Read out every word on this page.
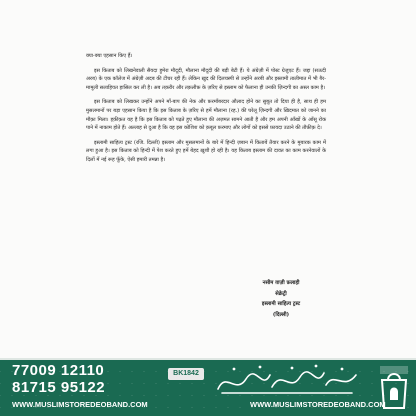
क्या-क्या एहसान किए हैं।

इस किताब को लिखनेवाली सैयदा हुमेरा मौदूदी, मौलाना मौदूदी की बड़ी बेटी हैं। ये अंग्रेज़ी में पोस्ट ग्रेजुएट हैं। जद्दा (सऊदी अरब) के एक कॉलेज में अंग्रेज़ी अदब की टीचर रही हैं। लेकिन ख़ुद की दिलचस्पी से उन्होंने अरबी और इस्लामी तालीमात में भी ग़ैर-मामूली सलाहियत हासिल कर ली है। अब तक़रीर और तक़लीफ़ के ज़रिए से इस्लाम को फैलाना ही उनकी ज़िन्दगी का अस्ल काम है।

इस किताब को लिखकर उन्होंने अपने माँ-बाप की नेक और फ़रमाँबरदार औलाद होने का सुबूत तो दिया ही है, साथ ही हम मुसलमानों पर बड़ा एहसान किया है कि इस किताब के ज़रिए से हमें मौलाना (रह.) की घरेलू ज़िन्दगी और ख़िदमात को जानने का मौक़ा मिला। हक़ीक़त यह है कि इस किताब को पढ़ते हुए मौलाना की अज़मत सामने आती है और हम अपनी आँखों के आँसू रोक पाने में नाकाम होते हैं। अल्लाह से दुआ है कि वह इस कोशिश को क़बूल फ़रमाए और लोगों को इससे फ़ायदा उठाने की तौफ़ीक़ दे।

इस्लामी साहित्य ट्रस्ट (रजि. दिल्ली) इस्लाम और मुसलमानों के बारे में हिन्दी ज़बान में किताबें तैयार करने के मुबारक काम में लगा हुआ है। इस किताब को हिन्दी में पेश करते हुए हमें बेहद ख़ुशी हो रही है। यह किताब इस्लाम की दावत का काम करनेवालों के दिलों में नई रूह फूँके, ऐसी हमारी तमन्ना है।

नसीम ग़ाज़ी फ़लाही
सेक्रेट्री
इस्लामी साहित्य ट्रस्ट
(दिल्ली)
77009 12110
81715 95122
WWW.MUSLIMSTOREDEOBAND.COM	WWW.MUSLIMSTOREDEOBAND.COM
BK1842
